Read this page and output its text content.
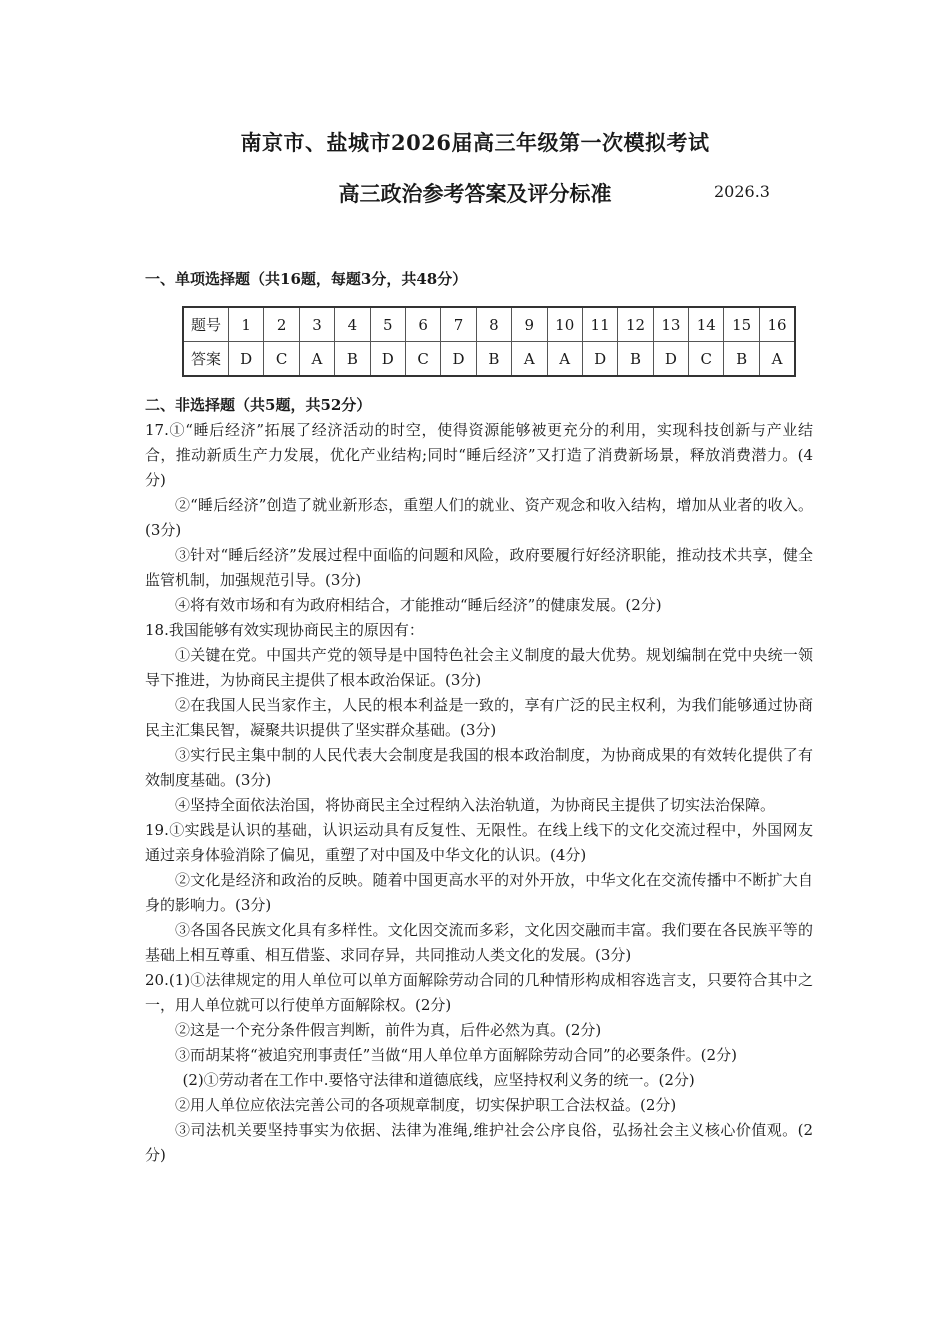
南京市、盐城市2026届高三年级第一次模拟考试
高三政治参考答案及评分标准	2026.3
一、单项选择题（共16题，每题3分，共48分）
题号	1	2	3	4	5	6	7	8	9	10	11	12	13	14	15	16
答案	D	C	A	B	D	C	D	B	A	A	D	B	D	C	B	A

二、非选择题（共5题，共52分）

17.①“睡后经济”拓展了经济活动的时空，使得资源能够被更充分的利用，实现科技创新与产业结合，推动新质生产力发展，优化产业结构;同时“睡后经济”又打造了消费新场景，释放消费潜力。(4分)

②“睡后经济”创造了就业新形态，重塑人们的就业、资产观念和收入结构，增加从业者的收入。(3分)

③针对“睡后经济”发展过程中面临的问题和风险，政府要履行好经济职能，推动技术共享，健全监管机制，加强规范引导。(3分)

④将有效市场和有为政府相结合，才能推动“睡后经济”的健康发展。(2分)

18.我国能够有效实现协商民主的原因有：

①关键在党。中国共产党的领导是中国特色社会主义制度的最大优势。规划编制在党中央统一领导下推进，为协商民主提供了根本政治保证。(3分)

②在我国人民当家作主，人民的根本利益是一致的，享有广泛的民主权利，为我们能够通过协商民主汇集民智，凝聚共识提供了坚实群众基础。(3分)

③实行民主集中制的人民代表大会制度是我国的根本政治制度，为协商成果的有效转化提供了有效制度基础。(3分)

④坚持全面依法治国，将协商民主全过程纳入法治轨道，为协商民主提供了切实法治保障。

19.①实践是认识的基础，认识运动具有反复性、无限性。在线上线下的文化交流过程中，外国网友通过亲身体验消除了偏见，重塑了对中国及中华文化的认识。(4分)

②文化是经济和政治的反映。随着中国更高水平的对外开放，中华文化在交流传播中不断扩大自身的影响力。(3分)

③各国各民族文化具有多样性。文化因交流而多彩，文化因交融而丰富。我们要在各民族平等的基础上相互尊重、相互借鉴、求同存异，共同推动人类文化的发展。(3分)

20.(1)①法律规定的用人单位可以单方面解除劳动合同的几种情形构成相容选言支，只要符合其中之一，用人单位就可以行使单方面解除权。(2分)

②这是一个充分条件假言判断，前件为真，后件必然为真。(2分)

③而胡某将“被追究刑事责任”当做“用人单位单方面解除劳动合同”的必要条件。(2分)

(2)①劳动者在工作中.要恪守法律和道德底线，应坚持权利义务的统一。(2分)

②用人单位应依法完善公司的各项规章制度，切实保护职工合法权益。(2分)

③司法机关要坚持事实为依据、法律为准绳,维护社会公序良俗，弘扬社会主义核心价值观。(2分)
